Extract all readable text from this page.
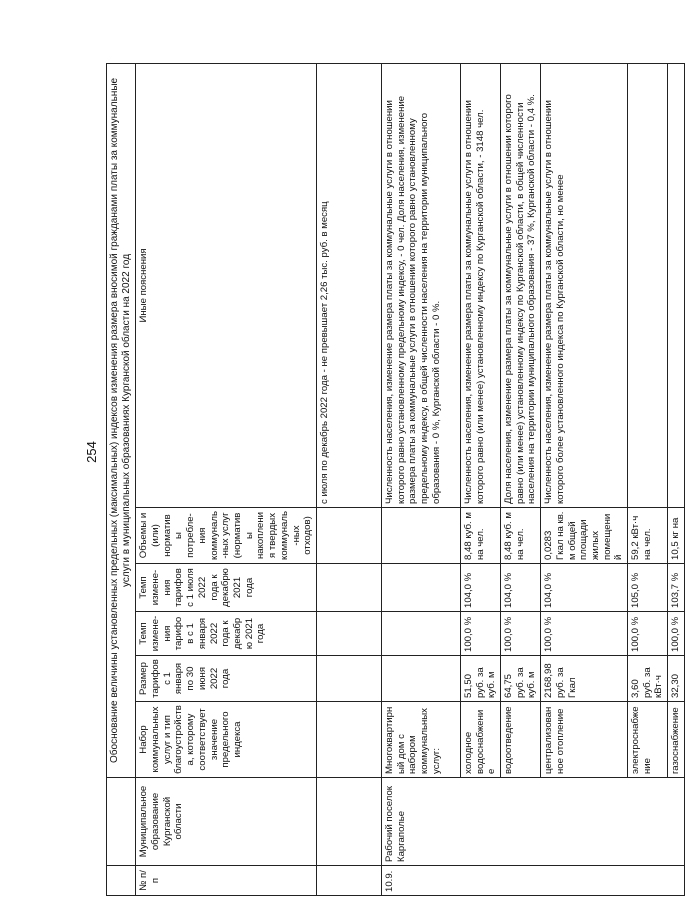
254
			Обоснование величины установленных предельных (максимальных) индексов изменения размера вносимой гражданами платы за коммунальные услуги в муниципальных образованиях Курганской области на 2022 год					
№ п/п	Муниципальное образование Курганской области	Набор коммунальных услуг и тип благоустройства, которому соответствует значение предельного индекса	Размер тарифов с 1 января по 30 июня 2022 года	Темп измене-ния тарифов с 1 января 2022 года к декабрю 2021 года	Темп измене-ния тарифов с 1 июля 2022 года к декабрю 2021 года	Объемы и (или) нормативы потребле-ния коммуналь-ных услуг (нормативы накопления твердых коммуналь-ных отходов)	Иные пояснения
							с июля по декабрь 2022 года - не превышает 2,26 тыс. руб. в месяц
10.9.	Рабочий поселок Каргаполье	Многоквартирный дом с набором коммунальных услуг:					Численность населения, изменение размера платы за коммунальные услуги в отношении которого равно установленному предельному индексу, - 0 чел. Доля населения, изменение размера платы за коммунальные услуги в отношении которого равно установленному предельному индексу, в общей численности населения на территории муниципального образования - 0 %, Курганской области - 0 %.
		холодное водоснабжение	51,50 руб. за куб. м	100,0 %	104,0 %	8,48 куб. м на чел.	Численность населения, изменение размера платы за коммунальные услуги в отношении которого равно (или менее) установленному индексу по Курганской области, - 3148 чел.
		водоотведение	64,75 руб. за куб. м	100,0 %	104,0 %	8,48 куб. м на чел.	Доля населения, изменение размера платы за коммунальные услуги в отношении которого равно (или менее) установленному индексу по Курганской области, в общей численности населения на территории муниципального образования - 37 %, Курганской области - 0,4 %.
		централизованное отопление	2168,98 руб. за Гкал	100,0 %	104,0 %	0,0283 Гкал на кв. м общей площади жилых помещений	Численность населения, изменение размера платы за коммунальные услуги в отношении которого более установленного индекса по Курганской области, но менее
		электроснабжение	3,60 руб. за кВт·ч	100,0 %	105,0 %	59,2 кВт·ч на чел.	
		газоснабжение	32,30	100,0 %	103,7 %	10,5 кг на	
